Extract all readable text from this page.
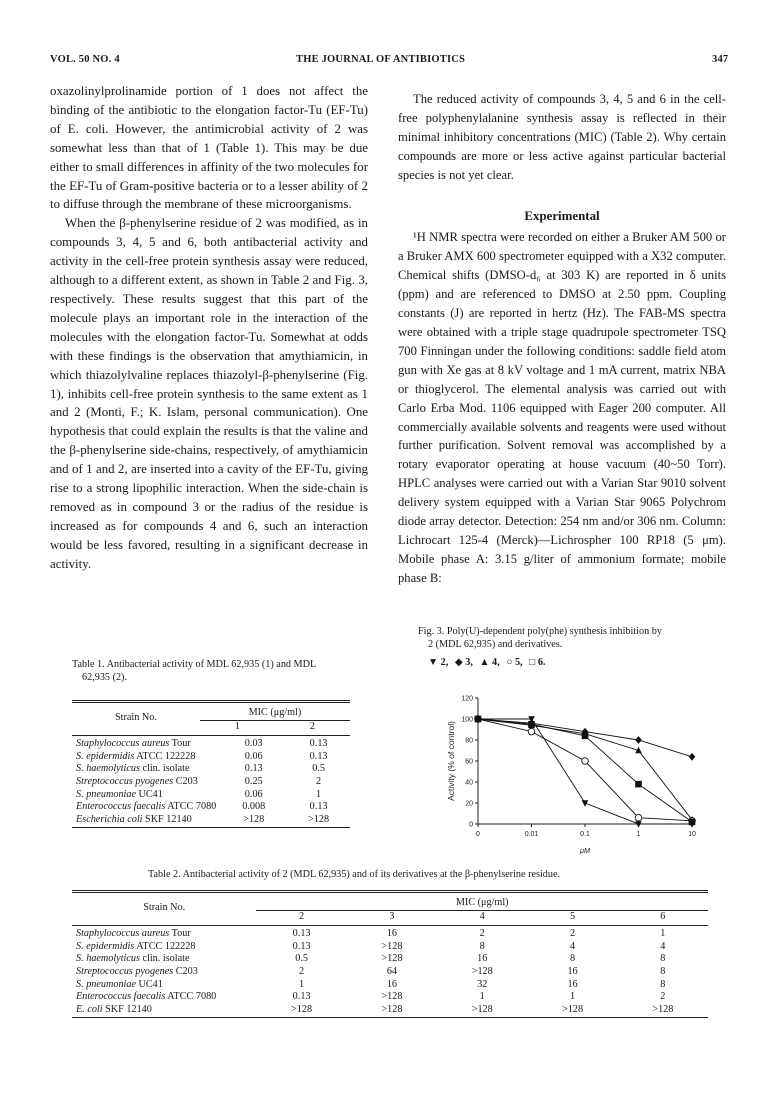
VOL. 50 NO. 4	THE JOURNAL OF ANTIBIOTICS	347

oxazolinylprolinamide portion of 1 does not affect the binding of the antibiotic to the elongation factor-Tu (EF-Tu) of E. coli. However, the antimicrobial activity of 2 was somewhat less than that of 1 (Table 1). This may be due either to small differences in affinity of the two molecules for the EF-Tu of Gram-positive bacteria or to a lesser ability of 2 to diffuse through the membrane of these microorganisms.

When the β-phenylserine residue of 2 was modified, as in compounds 3, 4, 5 and 6, both antibacterial activity and activity in the cell-free protein synthesis assay were reduced, although to a different extent, as shown in Table 2 and Fig. 3, respectively. These results suggest that this part of the molecule plays an important role in the interaction of the molecules with the elongation factor-Tu. Somewhat at odds with these findings is the observation that amythiamicin, in which thiazolylvaline replaces thiazolyl-β-phenylserine (Fig. 1), inhibits cell-free protein synthesis to the same extent as 1 and 2 (Monti, F.; K. Islam, personal communication). One hypothesis that could explain the results is that the valine and the β-phenylserine side-chains, respectively, of amythiamicin and of 1 and 2, are inserted into a cavity of the EF-Tu, giving rise to a strong lipophilic interaction. When the side-chain is removed as in compound 3 or the radius of the residue is increased as for compounds 4 and 6, such an interaction would be less favored, resulting in a significant decrease in activity.

The reduced activity of compounds 3, 4, 5 and 6 in the cell-free polyphenylalanine synthesis assay is reflected in their minimal inhibitory concentrations (MIC) (Table 2). Why certain compounds are more or less active against particular bacterial species is not yet clear.

Experimental

¹H NMR spectra were recorded on either a Bruker AM 500 or a Bruker AMX 600 spectrometer equipped with a X32 computer. Chemical shifts (DMSO-d₆ at 303 K) are reported in δ units (ppm) and are referenced to DMSO at 2.50 ppm. Coupling constants (J) are reported in hertz (Hz). The FAB-MS spectra were obtained with a triple stage quadrupole spectrometer TSQ 700 Finningan under the following conditions: saddle field atom gun with Xe gas at 8 kV voltage and 1 mA current, matrix NBA or thioglycerol. The elemental analysis was carried out with Carlo Erba Mod. 1106 equipped with Eager 200 computer. All commercially available solvents and reagents were used without further purification. Solvent removal was accomplished by a rotary evaporator operating at house vacuum (40~50 Torr). HPLC analyses were carried out with a Varian Star 9010 solvent delivery system equipped with a Varian Star 9065 Polychrom diode array detector. Detection: 254 nm and/or 306 nm. Column: Lichrocart 125-4 (Merck)—Lichrospher 100 RP18 (5 μm). Mobile phase A: 3.15 g/liter of ammonium formate; mobile phase B:

Fig. 3. Poly(U)-dependent poly(phe) synthesis inhibition by
2 (MDL 62,935) and derivatives.
▼ 2, ◆ 3, ▲ 4, ○ 5, □ 6.
0
20
40
60
80
100
120
0	0.01	0.1	1	10
μM
Activity (% of control)
Table 1. Antibacterial activity of MDL 62,935 (1) and MDL
62,935 (2).
Strain No.	MIC (μg/ml)	
	1	2
Staphylococcus aureus Tour	0.03	0.13
S. epidermidis ATCC 122228	0.06	0.13
S. haemolyticus clin. isolate	0.13	0.5
Streptococcus pyogenes C203	0.25	2
S. pneumoniae UC41	0.06	1
Enterococcus faecalis ATCC 7080	0.008	0.13
Escherichia coli SKF 12140	>128	>128
Table 2. Antibacterial activity of 2 (MDL 62,935) and of its derivatives at the β-phenylserine residue.
Strain No.	MIC (μg/ml)				
	2	3	4	5	6
Staphylococcus aureus Tour	0.13	16	2	2	1
S. epidermidis ATCC 122228	0.13	>128	8	4	4
S. haemolyticus clin. isolate	0.5	>128	16	8	8
Streptococcus pyogenes C203	2	64	>128	16	8
S. pneumoniae UC41	1	16	32	16	8
Enterococcus faecalis ATCC 7080	0.13	>128	1	1	2
E. coli SKF 12140	>128	>128	>128	>128	>128
